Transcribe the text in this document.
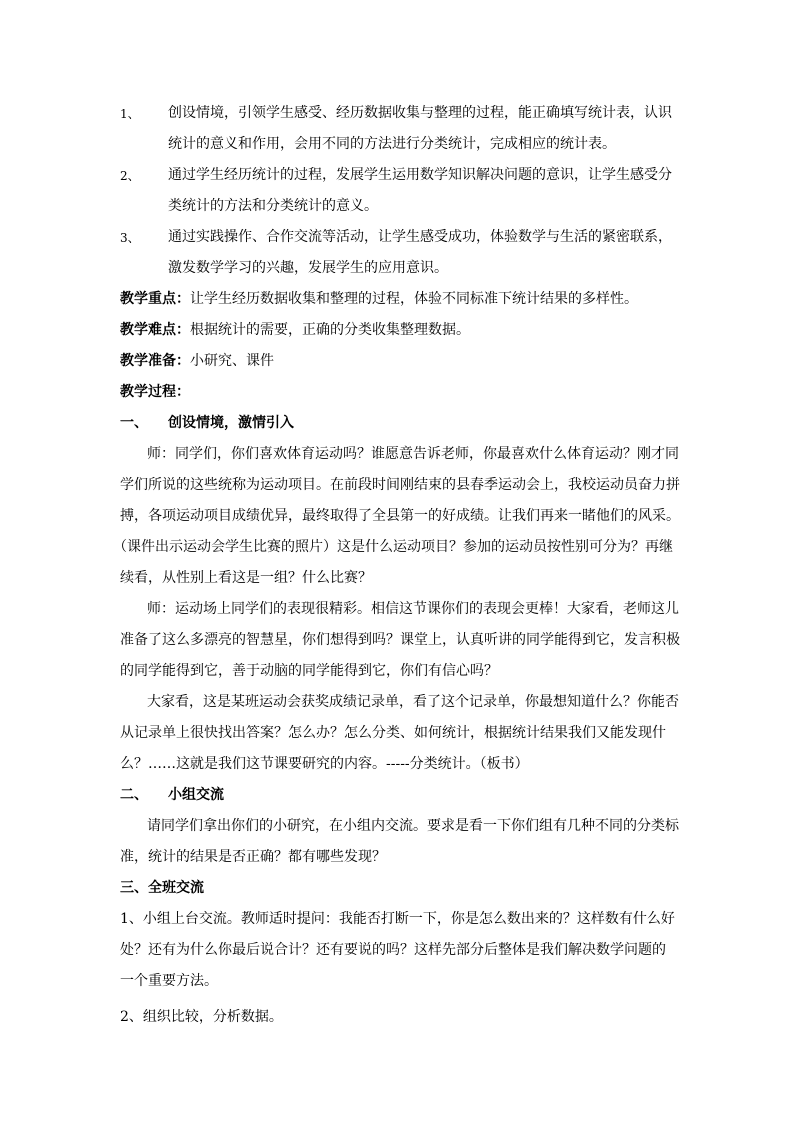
1、 创设情境，引领学生感受、经历数据收集与整理的过程，能正确填写统计表，认识
统计的意义和作用，会用不同的方法进行分类统计，完成相应的统计表。
2、 通过学生经历统计的过程，发展学生运用数学知识解决问题的意识，让学生感受分
类统计的方法和分类统计的意义。
3、 通过实践操作、合作交流等活动，让学生感受成功，体验数学与生活的紧密联系，
激发数学学习的兴趣，发展学生的应用意识。
教学重点：让学生经历数据收集和整理的过程，体验不同标准下统计结果的多样性。
教学难点：根据统计的需要，正确的分类收集整理数据。
教学准备：小研究、课件
教学过程：
一、 创设情境，激情引入
师：同学们，你们喜欢体育运动吗？谁愿意告诉老师，你最喜欢什么体育运动？刚才同
学们所说的这些统称为运动项目。在前段时间刚结束的县春季运动会上，我校运动员奋力拼
搏，各项运动项目成绩优异，最终取得了全县第一的好成绩。让我们再来一睹他们的风采。
（课件出示运动会学生比赛的照片）这是什么运动项目？参加的运动员按性别可分为？再继
续看，从性别上看这是一组？什么比赛？
师：运动场上同学们的表现很精彩。相信这节课你们的表现会更棒！大家看，老师这儿
准备了这么多漂亮的智慧星，你们想得到吗？课堂上，认真听讲的同学能得到它，发言积极
的同学能得到它，善于动脑的同学能得到它，你们有信心吗？
大家看，这是某班运动会获奖成绩记录单，看了这个记录单，你最想知道什么？你能否
从记录单上很快找出答案？怎么办？怎么分类、如何统计，根据统计结果我们又能发现什
么？……这就是我们这节课要研究的内容。-----分类统计。（板书）
二、 小组交流
请同学们拿出你们的小研究，在小组内交流。要求是看一下你们组有几种不同的分类标
准，统计的结果是否正确？都有哪些发现？
三、全班交流
1、小组上台交流。教师适时提问：我能否打断一下，你是怎么数出来的？这样数有什么好
处？还有为什么你最后说合计？还有要说的吗？这样先部分后整体是我们解决数学问题的
一个重要方法。
2、组织比较，分析数据。
